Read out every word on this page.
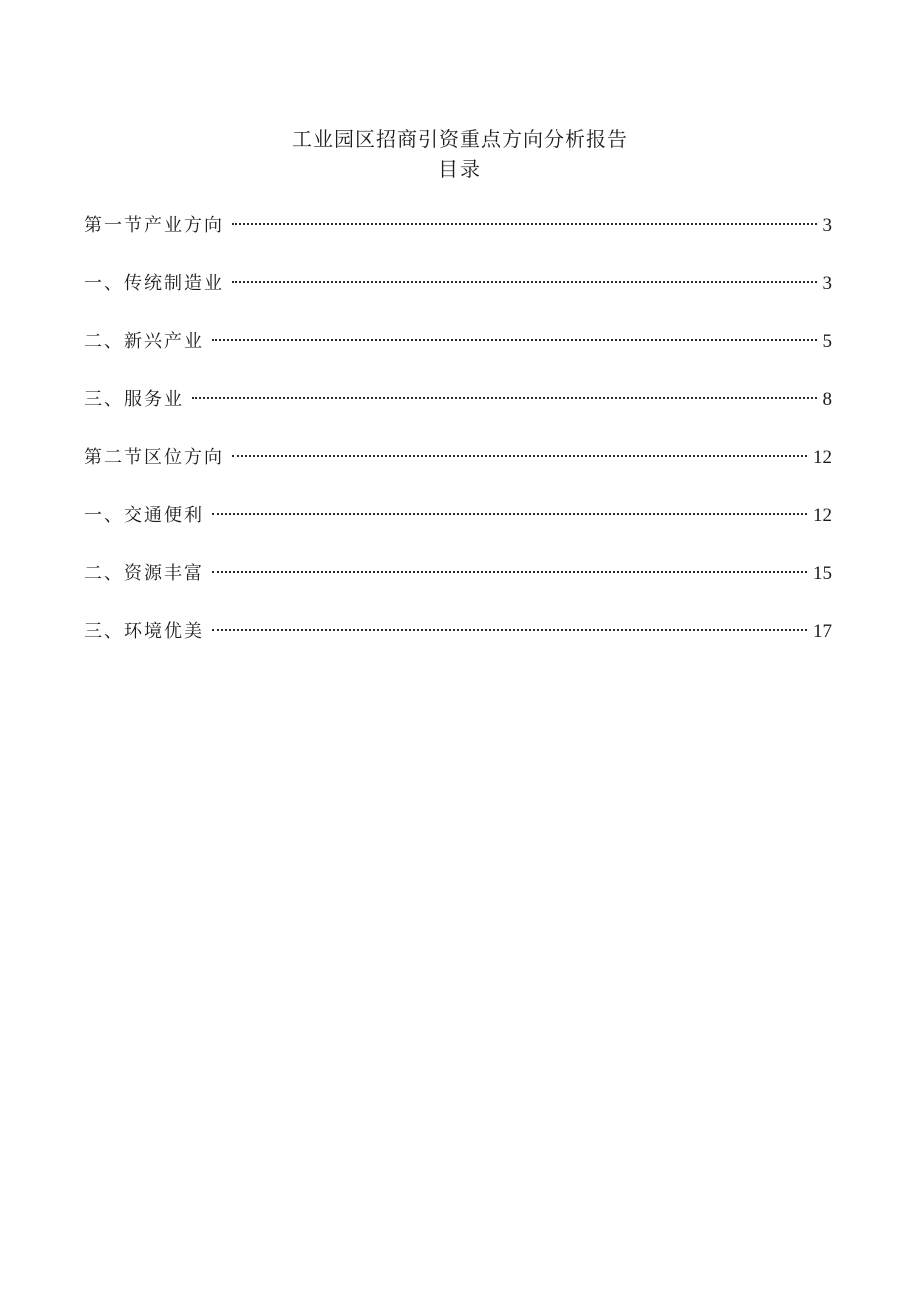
工业园区招商引资重点方向分析报告
目录
第一节产业方向	3
一、传统制造业	3
二、新兴产业	5
三、服务业	8
第二节区位方向	12
一、交通便利	12
二、资源丰富	15
三、环境优美	17
